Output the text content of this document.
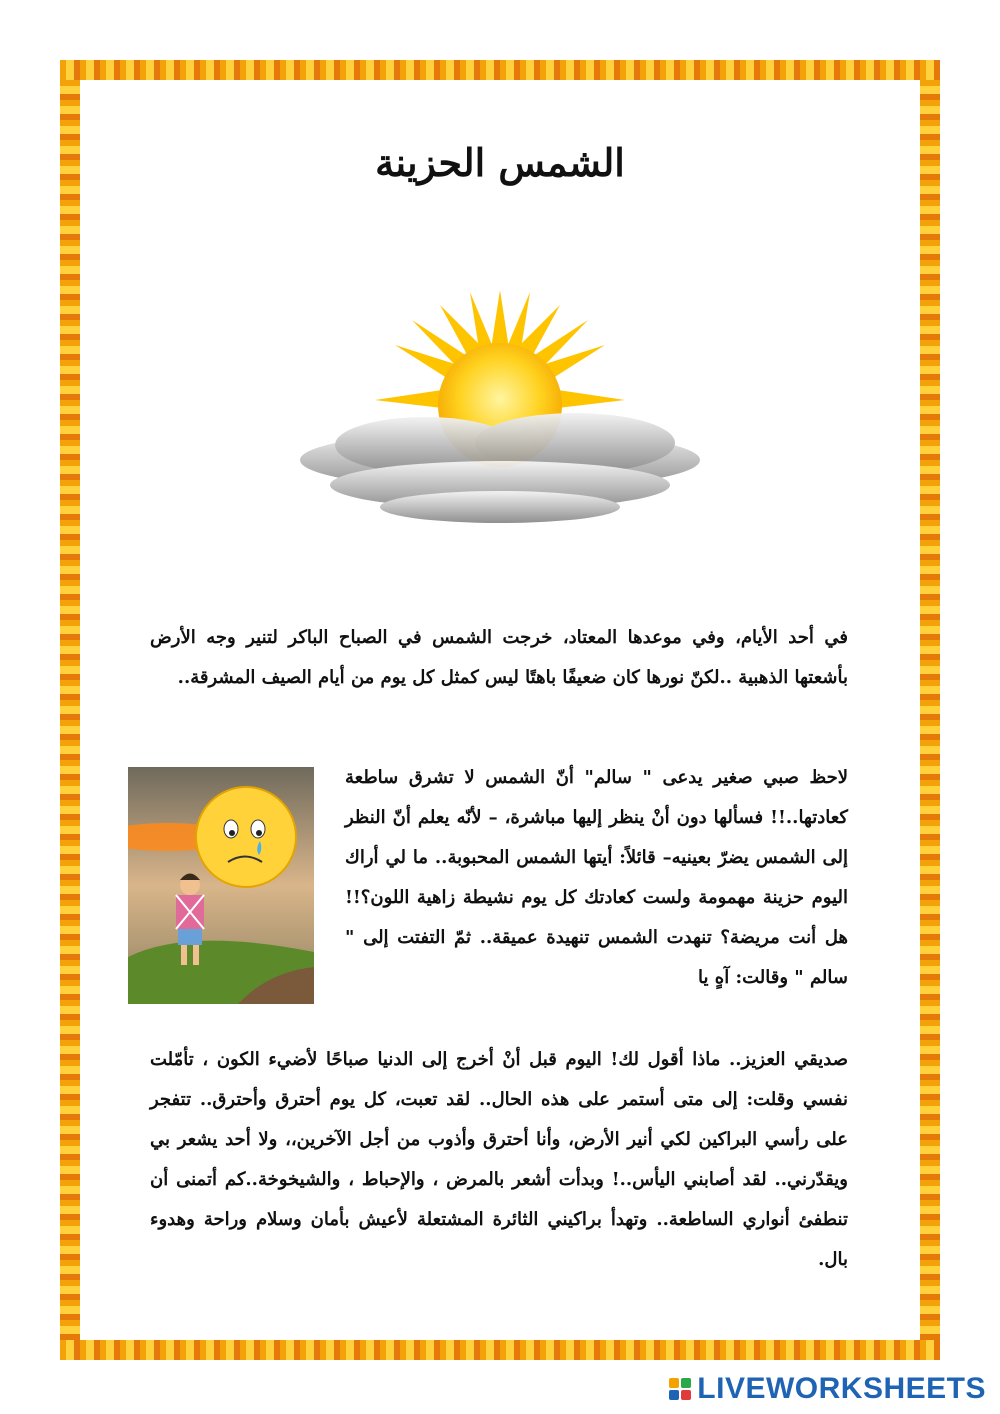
الشمس الحزينة
في أحد الأيام، وفي موعدها المعتاد، خرجت الشمس في الصباح الباكر لتنير وجه الأرض بأشعتها الذهبية ..لكنّ نورها كان ضعيفًا باهتًا ليس كمثل كل يوم من أيام الصيف المشرقة..
لاحظ صبي صغير يدعى " سالم" أنّ الشمس لا تشرق ساطعة كعادتها..!! فسألها دون أنْ ينظر إليها مباشرة، – لأنّه يعلم أنّ النظر إلى الشمس يضرّ بعينيه– قائلاً: أيتها الشمس المحبوبة.. ما لي أراك اليوم حزينة مهمومة ولست كعادتك كل يوم نشيطة زاهية اللون؟!! هل أنت مريضة؟ تنهدت الشمس تنهيدة عميقة.. ثمّ التفتت إلى " سالم " وقالت: آهٍ يا
صديقي العزيز.. ماذا أقول لك! اليوم قبل أنْ أخرج إلى الدنيا صباحًا لأضيء الكون ، تأمّلت نفسي وقلت: إلى متى أستمر على هذه الحال.. لقد تعبت، كل يوم أحترق وأحترق.. تتفجر على رأسي البراكين لكي أنير الأرض، وأنا أحترق وأذوب من أجل الآخرين،، ولا أحد يشعر بي ويقدّرني.. لقد أصابني اليأس..! وبدأت أشعر بالمرض ، والإحباط ، والشيخوخة..كم أتمنى أن تنطفئ أنواري الساطعة.. وتهدأ براكيني الثائرة المشتعلة لأعيش بأمان وسلام وراحة وهدوء بال.
LIVEWORKSHEETS
